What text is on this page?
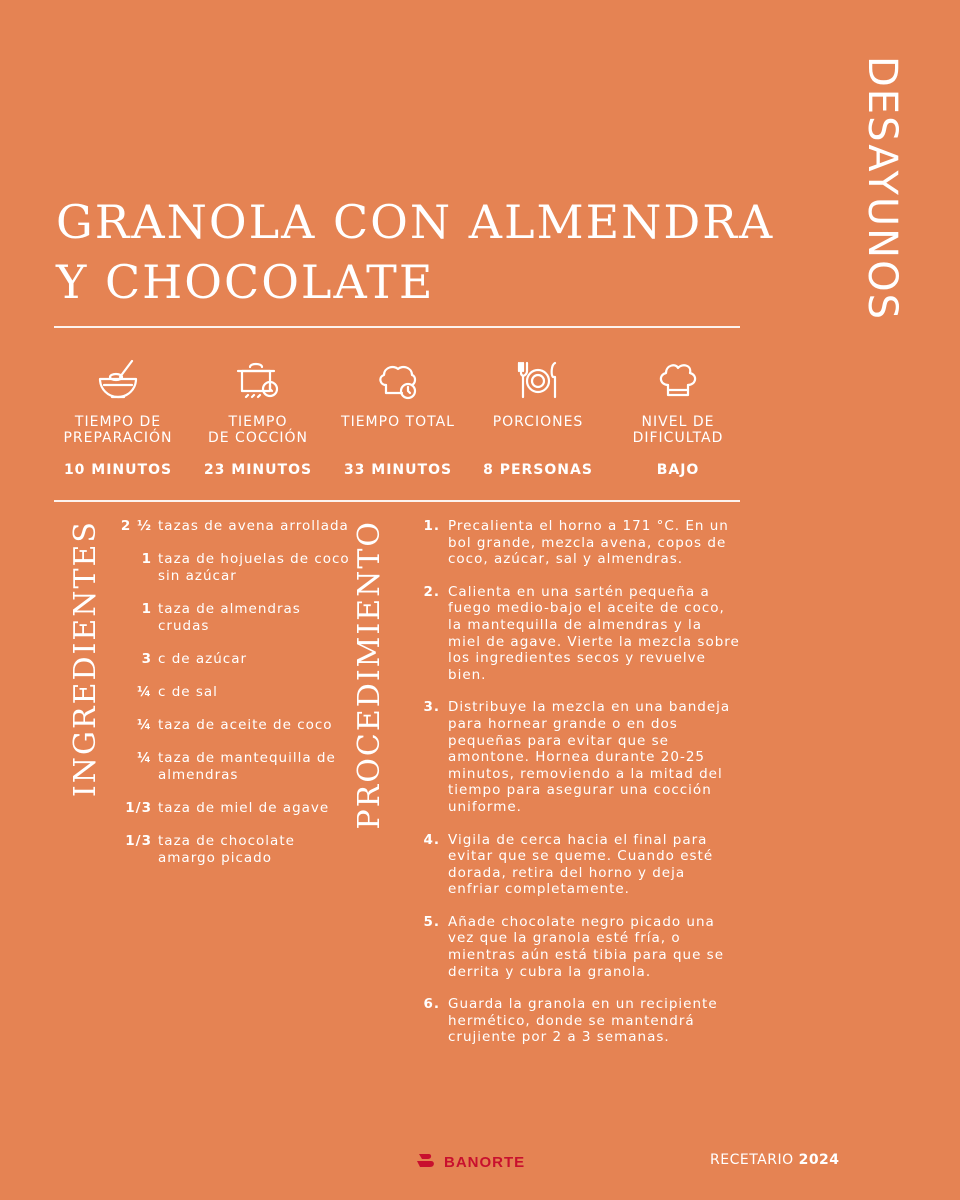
DESAYUNOS
GRANOLA CON ALMENDRA
Y CHOCOLATE
TIEMPO DE
PREPARACIÓN
10 MINUTOS
TIEMPO
DE COCCIÓN
23 MINUTOS
TIEMPO TOTAL
33 MINUTOS
PORCIONES
8 PERSONAS
NIVEL DE
DIFICULTAD
BAJO
INGREDIENTES	2 ½ tazas de avena arrollada
1 taza de hojuelas de coco sin azúcar
1 taza de almendras crudas
3 c de azúcar
¼ c de sal
¼ taza de aceite de coco
¼ taza de mantequilla de almendras
1/3 taza de miel de agave
1/3 taza de chocolate amargo picado
PROCEDIMIENTO	1. Precalienta el horno a 171 °C. En un bol grande, mezcla avena, copos de coco, azúcar, sal y almendras.
2. Calienta en una sartén pequeña a fuego medio-bajo el aceite de coco, la mantequilla de almendras y la miel de agave. Vierte la mezcla sobre los ingredientes secos y revuelve bien.
3. Distribuye la mezcla en una bandeja para hornear grande o en dos pequeñas para evitar que se amontone. Hornea durante 20-25 minutos, removiendo a la mitad del tiempo para asegurar una cocción uniforme.
4. Vigila de cerca hacia el final para evitar que se queme. Cuando esté dorada, retira del horno y deja enfriar completamente.
5. Añade chocolate negro picado una vez que la granola esté fría, o mientras aún está tibia para que se derrita y cubra la granola.
6. Guarda la granola en un recipiente hermético, donde se mantendrá crujiente por 2 a 3 semanas.
BANORTE	RECETARIO 2024
